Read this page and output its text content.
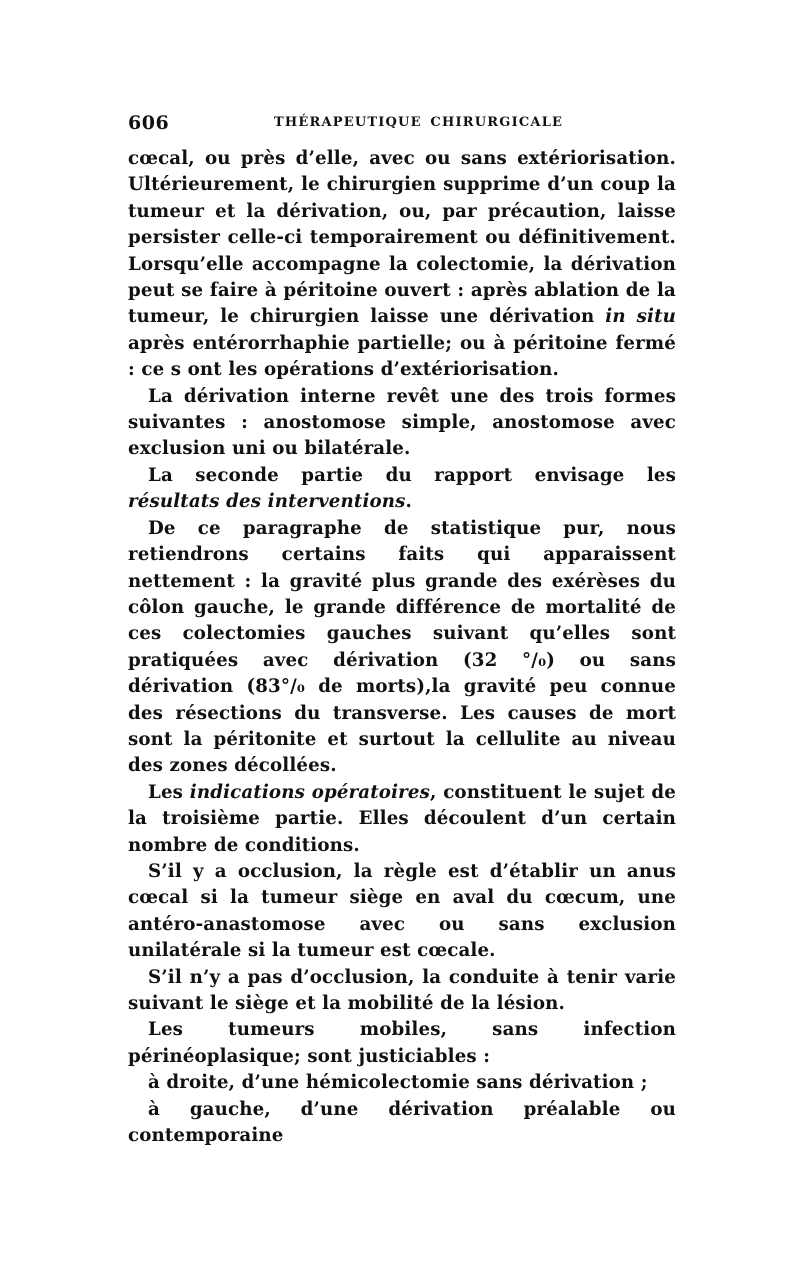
606	THÉRAPEUTIQUE CHIRURGICALE

cœcal, ou près d’elle, avec ou sans extériorisation. Ultérieurement, le chirurgien supprime d’un coup la tumeur et la dérivation, ou, par précaution, laisse persister celle-ci temporairement ou définitivement. Lorsqu’elle accompagne la colectomie, la dérivation peut se faire à péritoine ouvert : après ablation de la tumeur, le chirurgien laisse une dérivation in situ après entérorrhaphie partielle; ou à péritoine fermé : ce s ont les opérations d’extériorisation.

La dérivation interne revêt une des trois formes suivantes : anostomose simple, anostomose avec exclusion uni ou bilatérale.

La seconde partie du rapport envisage les résultats des interventions.

De ce paragraphe de statistique pur, nous retiendrons certains faits qui apparaissent nettement : la gravité plus grande des exérèses du côlon gauche, le grande différence de mortalité de ces colectomies gauches suivant qu’elles sont pratiquées avec dérivation (32 °/₀) ou sans dérivation (83°/₀ de morts),la gravité peu connue des résections du transverse. Les causes de mort sont la péritonite et surtout la cellulite au niveau des zones décollées.

Les indications opératoires, constituent le sujet de la troisième partie. Elles découlent d’un certain nombre de conditions.

S’il y a occlusion, la règle est d’établir un anus cœcal si la tumeur siège en aval du cœcum, une antéro-anastomose avec ou sans exclusion unilatérale si la tumeur est cœcale.

S’il n’y a pas d’occlusion, la conduite à tenir varie suivant le siège et la mobilité de la lésion.

Les tumeurs mobiles, sans infection périnéoplasique; sont justiciables :

à droite, d’une hémicolectomie sans dérivation ;

à gauche, d’une dérivation préalable ou contemporaine
